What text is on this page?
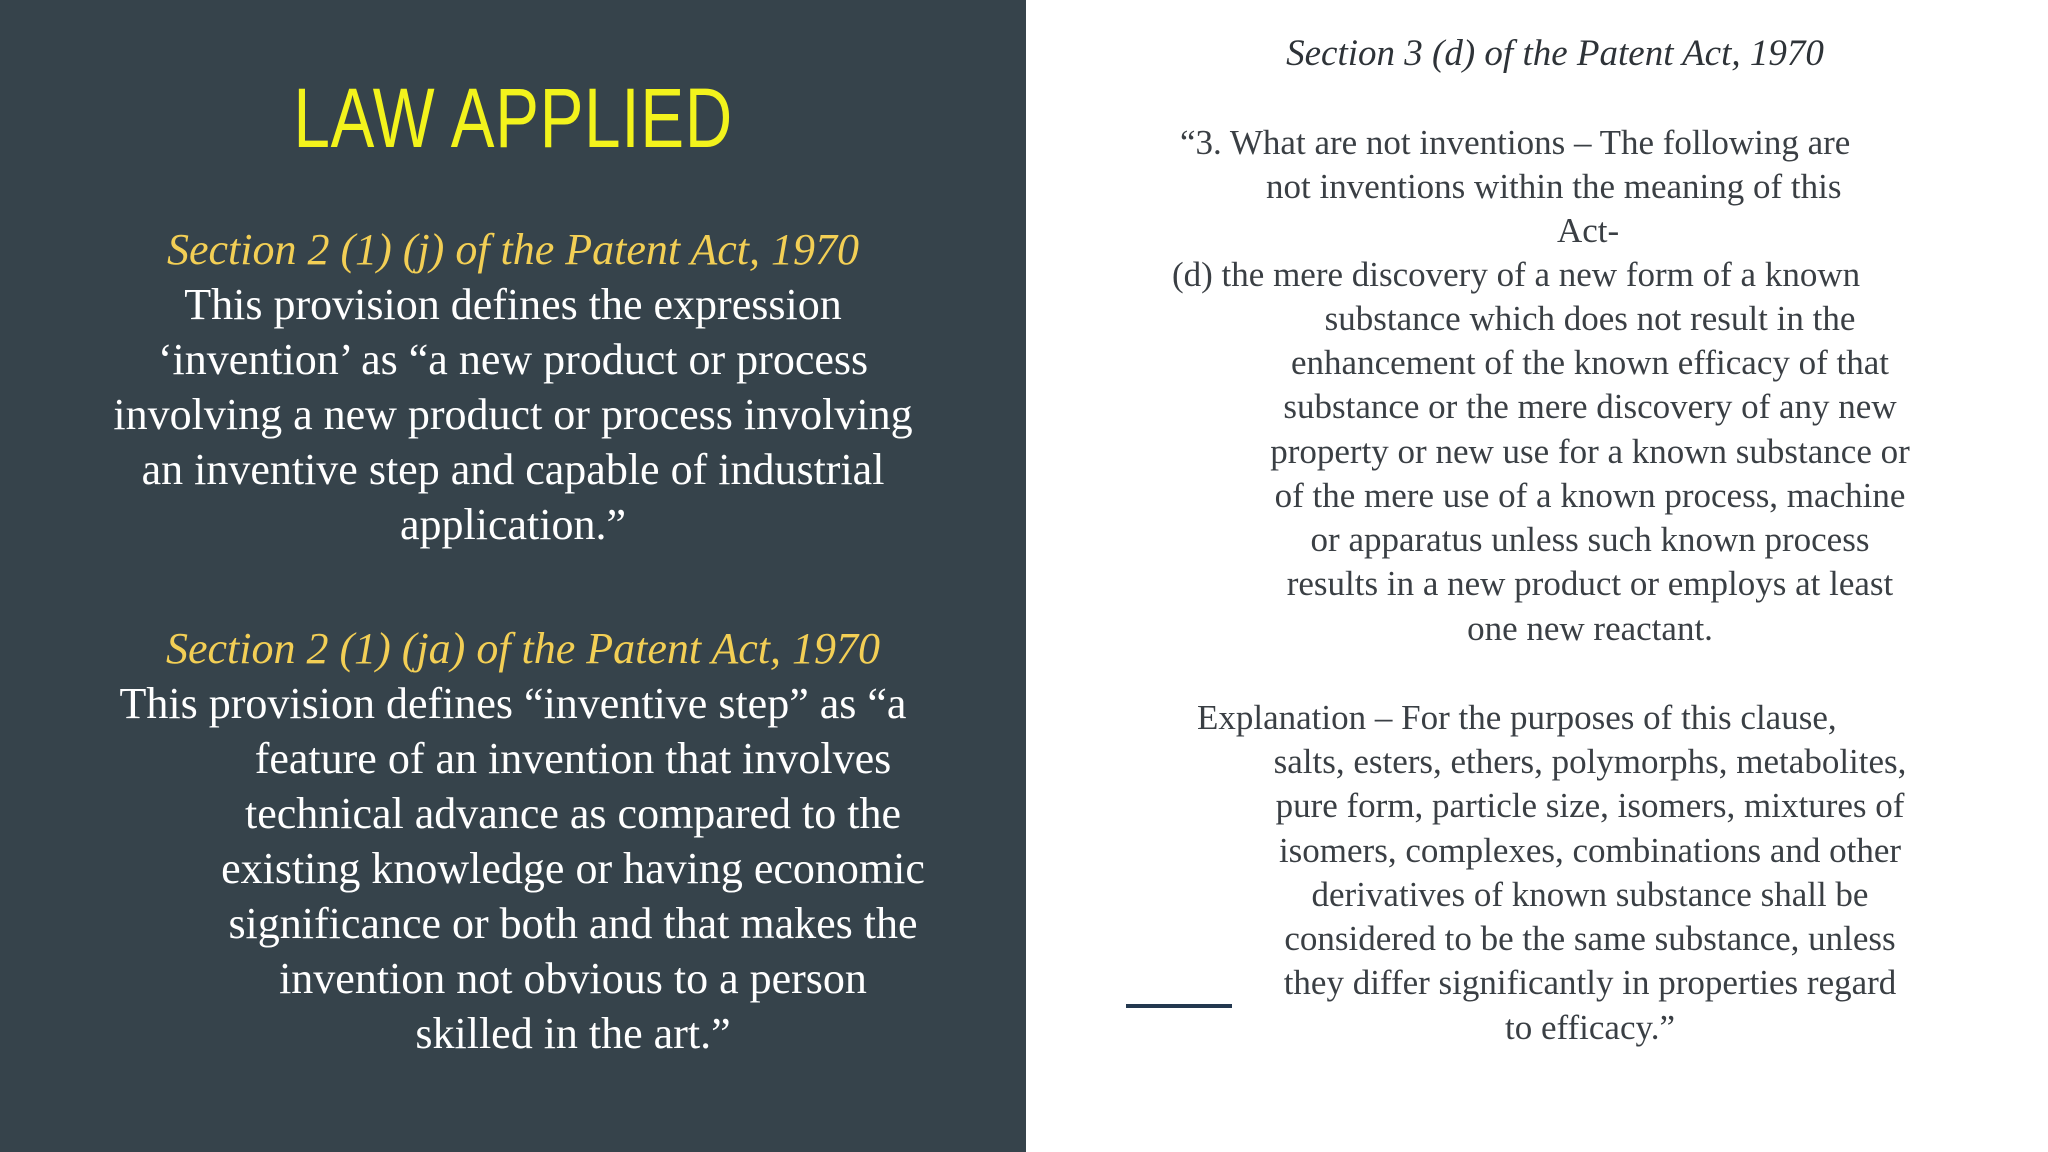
LAW APPLIED

Section 2 (1) (j) of the Patent Act, 1970

This provision defines the expression

‘invention’ as “a new product or process

involving a new product or process involving

an inventive step and capable of industrial

application.”

Section 2 (1) (ja) of the Patent Act, 1970

This provision defines “inventive step” as “a

feature of an invention that involves

technical advance as compared to the

existing knowledge or having economic

significance or both and that makes the

invention not obvious to a person

skilled in the art.”

Section 3 (d) of the Patent Act, 1970

“3. What are not inventions – The following are

not inventions within the meaning of this

Act-

(d) the mere discovery of a new form of a known

substance which does not result in the

enhancement of the known efficacy of that

substance or the mere discovery of any new

property or new use for a known substance or

of the mere use of a known process, machine

or apparatus unless such known process

results in a new product or employs at least

one new reactant.

Explanation – For the purposes of this clause,

salts, esters, ethers, polymorphs, metabolites,

pure form, particle size, isomers, mixtures of

isomers, complexes, combinations and other

derivatives of known substance shall be

considered to be the same substance, unless

they differ significantly in properties regard

to efficacy.”
